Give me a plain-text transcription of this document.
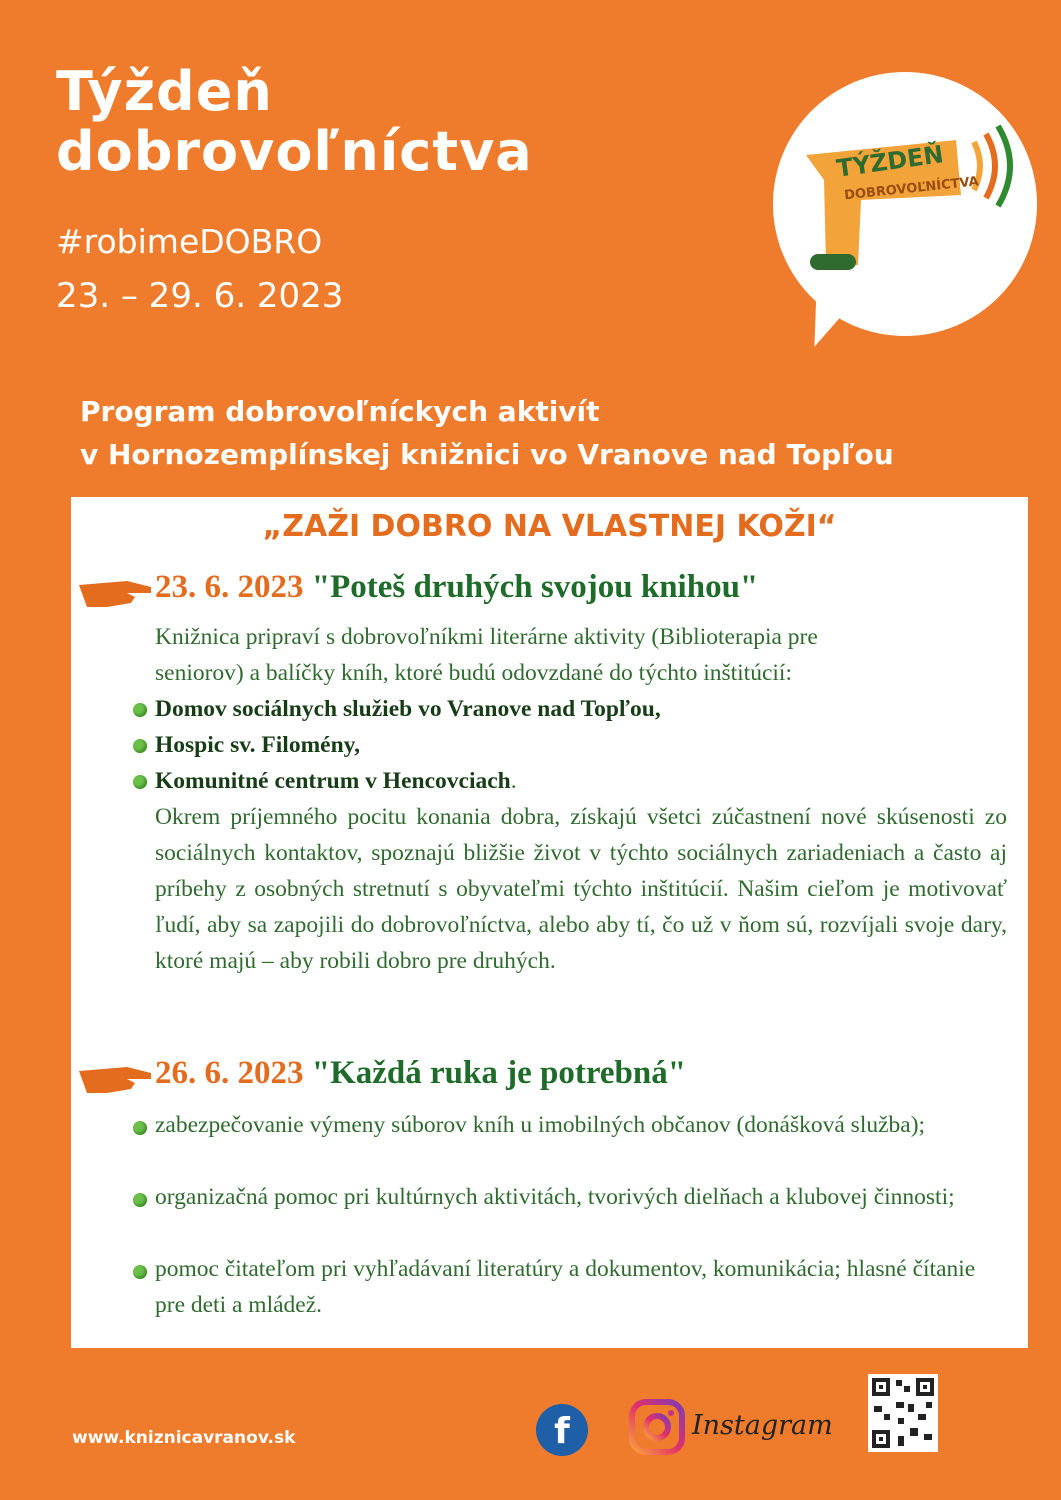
Týždeň
dobrovoľníctva
#robimeDOBRO
23. – 29. 6. 2023
TÝŽDEŇ
DOBROVOĽNÍCTVA
Program dobrovoľníckych aktivít
v Hornozemplínskej knižnici vo Vranove nad Topľou
„ZAŽI DOBRO NA VLASTNEJ KOŽI“
23. 6. 2023 "Poteš druhých svojou knihou"
Knižnica pripraví s dobrovoľníkmi literárne aktivity (Biblioterapia pre
seniorov) a balíčky kníh, ktoré budú odovzdané do týchto inštitúcií:
Domov sociálnych služieb vo Vranove nad Topľou,
Hospic sv. Filomény,
Komunitné centrum v Hencovciach.
Okrem príjemného pocitu konania dobra, získajú všetci zúčastnení nové skúsenosti zo sociálnych kontaktov, spoznajú bližšie život v týchto sociálnych zariadeniach a často aj príbehy z osobných stretnutí s obyvateľmi týchto inštitúcií. Našim cieľom je motivovať ľudí, aby sa zapojili do dobrovoľníctva, alebo aby tí, čo už v ňom sú, rozvíjali svoje dary, ktoré majú – aby robili dobro pre druhých.
26. 6. 2023 "Každá ruka je potrebná"
zabezpečovanie výmeny súborov kníh u imobilných občanov (donášková služba);
organizačná pomoc pri kultúrnych aktivitách, tvorivých dielňach a klubovej činnosti;
pomoc čitateľom pri vyhľadávaní literatúry a dokumentov, komunikácia; hlasné čítanie pre deti a mládež.
www.kniznicavranov.sk	f	Instagram
